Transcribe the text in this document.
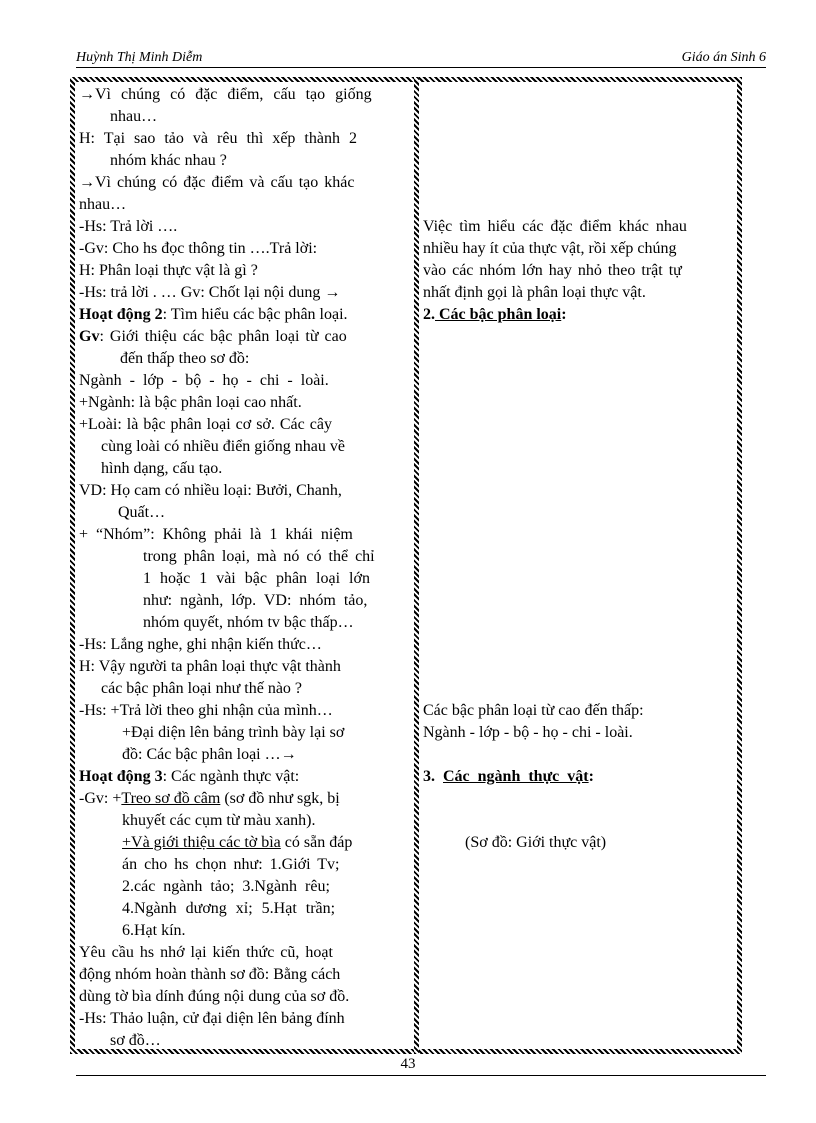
Huỳnh Thị Minh Diễm	Giáo án Sinh 6
→Vì chúng có đặc điểm, cấu tạo giống
nhau…
H: Tại sao tảo và rêu thì xếp thành 2
nhóm khác nhau ?
→Vì chúng có đặc điểm và cấu tạo khác
nhau…
-Hs: Trả lời ….
-Gv: Cho hs đọc thông tin ….Trả lời:
H: Phân loại thực vật là gì ?
-Hs: trả lời . … Gv: Chốt lại nội dung →
Hoạt động 2: Tìm hiểu các bậc phân loại.
Gv: Giới thiệu các bậc phân loại từ cao
đến thấp theo sơ đồ:
Ngành - lớp - bộ - họ - chi - loài.
+Ngành: là bậc phân loại cao nhất.
+Loài: là bậc phân loại cơ sở. Các cây
cùng loài có nhiều điển giống nhau về
hình dạng, cấu tạo.
VD: Họ cam có nhiều loại: Bưởi, Chanh,
Quất…
+ “Nhóm”: Không phải là 1 khái niệm
trong phân loại, mà nó có thể chỉ
1 hoặc 1 vài bậc phân loại lớn
như: ngành, lớp. VD: nhóm tảo,
nhóm quyết, nhóm tv bậc thấp…
-Hs: Lắng nghe, ghi nhận kiến thức…
H: Vậy người ta phân loại thực vật thành
các bậc phân loại như thế nào ?
-Hs: +Trả lời theo ghi nhận của mình…
+Đại diện lên bảng trình bày lại sơ
đồ: Các bậc phân loại …→
Hoạt động 3: Các ngành thực vật:
-Gv: +Treo sơ đồ câm (sơ đồ như sgk, bị
khuyết các cụm từ màu xanh).
+Và giới thiệu các tờ bìa có sẵn đáp
án cho hs chọn như: 1.Giới Tv;
2.các ngành tảo; 3.Ngành rêu;
4.Ngành dương xỉ; 5.Hạt trần;
6.Hạt kín.
Yêu cầu hs nhớ lại kiến thức cũ, hoạt
động nhóm hoàn thành sơ đồ: Bằng cách
dùng tờ bìa dính đúng nội dung của sơ đồ.
-Hs: Thảo luận, cử đại diện lên bảng đính
sơ đồ…
Việc tìm hiểu các đặc điểm khác nhau
nhiều hay ít của thực vật, rồi xếp chúng
vào các nhóm lớn hay nhỏ theo trật tự
nhất định gọi là phân loại thực vật.
2. Các bậc phân loại:
Các bậc phân loại từ cao đến thấp:
Ngành - lớp - bộ - họ - chi - loài.
3. Các ngành thực vật:
(Sơ đồ: Giới thực vật)
43
